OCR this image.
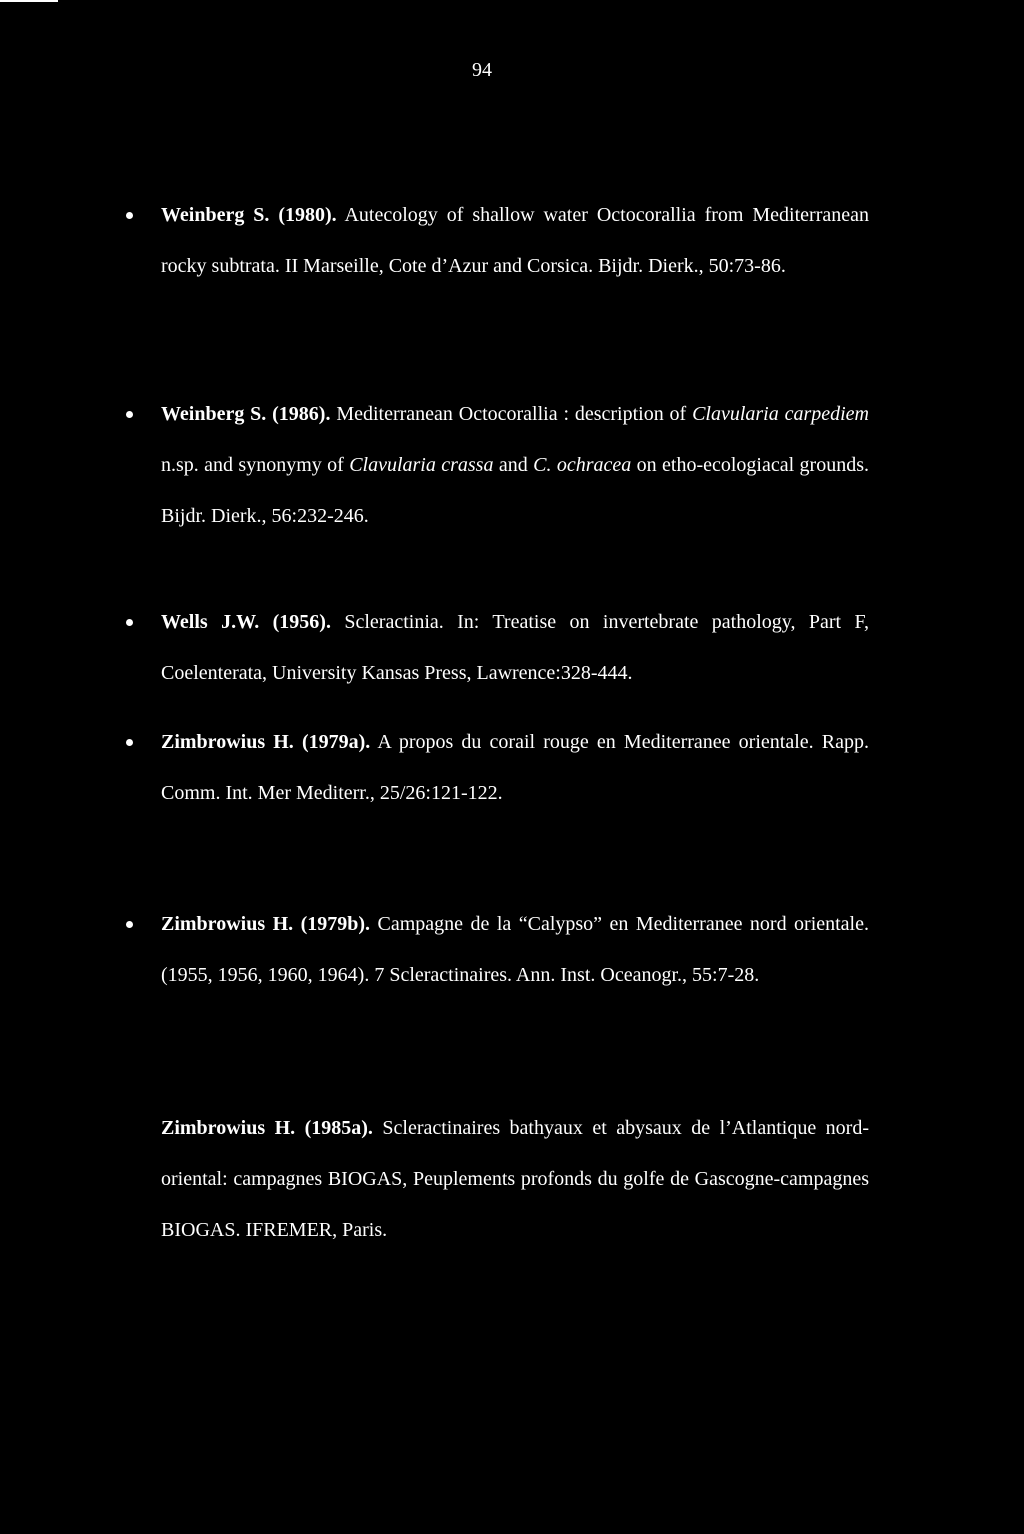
94
Weinberg S. (1980). Autecology of shallow water Octocorallia from Mediterranean rocky subtrata. II Marseille, Cote d’Azur and Corsica. Bijdr. Dierk., 50:73-86.
Weinberg S. (1986). Mediterranean Octocorallia : description of Clavularia carpediem n.sp. and synonymy of Clavularia crassa and C. ochracea on etho-ecologiacal grounds. Bijdr. Dierk., 56:232-246.
Wells J.W. (1956). Scleractinia. In: Treatise on invertebrate pathology, Part F, Coelenterata, University Kansas Press, Lawrence:328-444.
Zimbrowius H. (1979a). A propos du corail rouge en Mediterranee orientale. Rapp. Comm. Int. Mer Mediterr., 25/26:121-122.
Zimbrowius H. (1979b). Campagne de la “Calypso” en Mediterranee nord orientale. (1955, 1956, 1960, 1964). 7 Scleractinaires. Ann. Inst. Oceanogr., 55:7-28.
Zimbrowius H. (1985a). Scleractinaires bathyaux et abysaux de l’Atlantique nord-oriental: campagnes BIOGAS, Peuplements profonds du golfe de Gascogne-campagnes BIOGAS. IFREMER, Paris.
